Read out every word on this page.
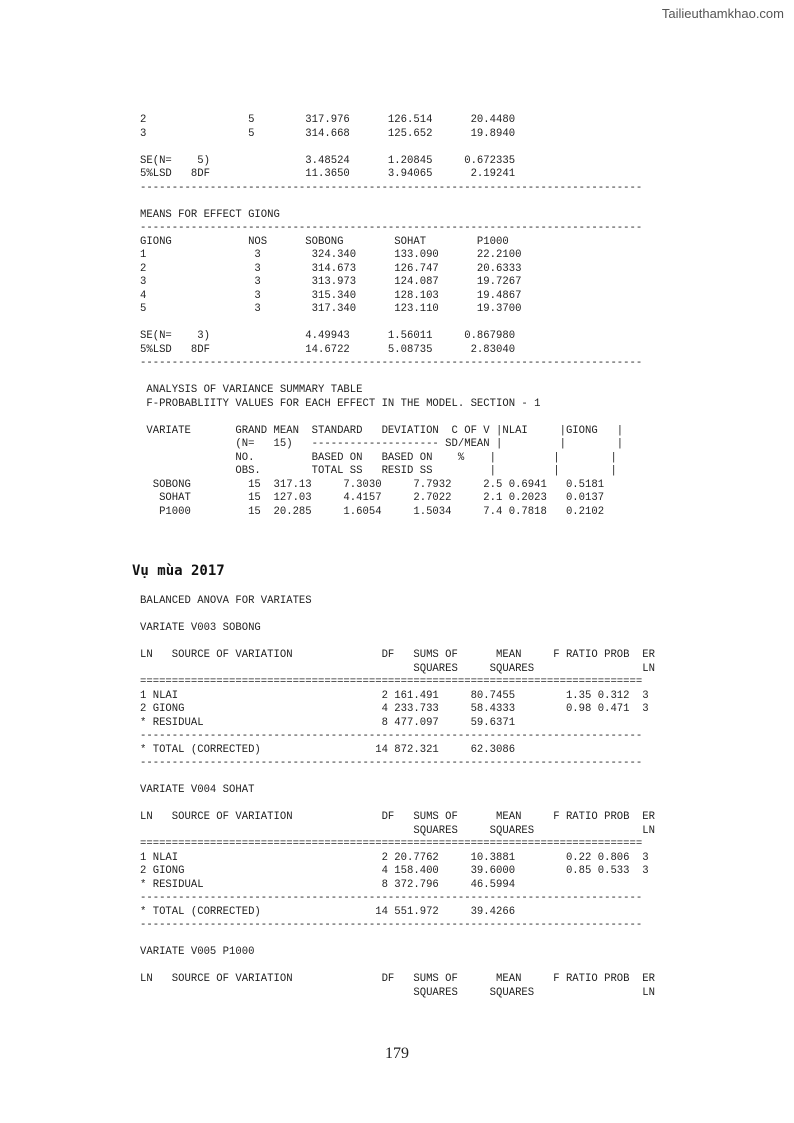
Tailieuthamkhao.com
2                5        317.976      126.514      20.4480
3                5        314.668      125.652      19.8940

SE(N=    5)               3.48524      1.20845     0.672335
5%LSD   8DF               11.3650      3.94065      2.19241
-------------------------------------------------------------------------------

MEANS FOR EFFECT GIONG
-------------------------------------------------------------------------------
GIONG            NOS      SOBONG        SOHAT        P1000
1                 3        324.340      133.090      22.2100
2                 3        314.673      126.747      20.6333
3                 3        313.973      124.087      19.7267
4                 3        315.340      128.103      19.4867
5                 3        317.340      123.110      19.3700

SE(N=    3)               4.49943      1.56011     0.867980
5%LSD   8DF               14.6722      5.08735      2.83040
-------------------------------------------------------------------------------

ANALYSIS OF VARIANCE SUMMARY TABLE
F-PROBABLIITY VALUES FOR EACH EFFECT IN THE MODEL. SECTION - 1

VARIATE       GRAND MEAN  STANDARD   DEVIATION  C OF V |NLAI     |GIONG   |
(N=   15)   -------------------- SD/MEAN |         |        |
NO.         BASED ON   BASED ON    %    |         |        |
OBS.        TOTAL SS   RESID SS         |         |        |
SOBONG         15  317.13     7.3030     7.7932     2.5 0.6941   0.5181
SOHAT         15  127.03     4.4157     2.7022     2.1 0.2023   0.0137
P1000         15  20.285     1.6054     1.5034     7.4 0.7818   0.2102
Vụ mùa 2017
BALANCED ANOVA FOR VARIATES

VARIATE V003 SOBONG

LN   SOURCE OF VARIATION              DF   SUMS OF      MEAN     F RATIO PROB  ER
SQUARES     SQUARES                 LN
===============================================================================
1 NLAI                                2 161.491     80.7455        1.35 0.312  3
2 GIONG                               4 233.733     58.4333        0.98 0.471  3
* RESIDUAL                            8 477.097     59.6371
-------------------------------------------------------------------------------
* TOTAL (CORRECTED)                  14 872.321     62.3086
-------------------------------------------------------------------------------

VARIATE V004 SOHAT

LN   SOURCE OF VARIATION              DF   SUMS OF      MEAN     F RATIO PROB  ER
SQUARES     SQUARES                 LN
===============================================================================
1 NLAI                                2 20.7762     10.3881        0.22 0.806  3
2 GIONG                               4 158.400     39.6000        0.85 0.533  3
* RESIDUAL                            8 372.796     46.5994
-------------------------------------------------------------------------------
* TOTAL (CORRECTED)                  14 551.972     39.4266
-------------------------------------------------------------------------------

VARIATE V005 P1000

LN   SOURCE OF VARIATION              DF   SUMS OF      MEAN     F RATIO PROB  ER
SQUARES     SQUARES                 LN
179
